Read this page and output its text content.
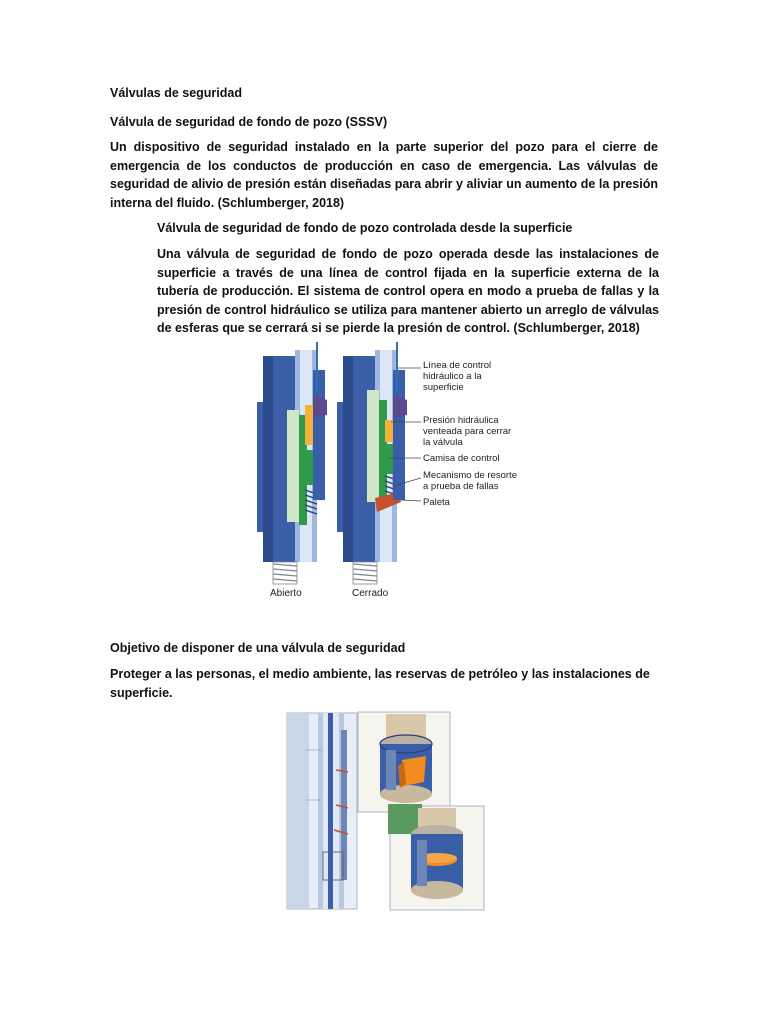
Válvulas de seguridad
Válvula de seguridad de fondo de pozo (SSSV)

Un dispositivo de seguridad instalado en la parte superior del pozo para el cierre de emergencia de los conductos de producción en caso de emergencia. Las válvulas de seguridad de alivio de presión están diseñadas para abrir y aliviar un aumento de la presión interna del fluido. (Schlumberger, 2018)

Válvula de seguridad de fondo de pozo controlada desde la superficie

Una válvula de seguridad de fondo de pozo operada desde las instalaciones de superficie a través de una línea de control fijada en la superficie externa de la tubería de producción. El sistema de control opera en modo a prueba de fallas y la presión de control hidráulico se utiliza para mantener abierto un arreglo de válvulas de esferas que se cerrará si se pierde la presión de control. (Schlumberger, 2018)

Abierto	Cerrado
Línea de control hidráulico a la superficie
Presión hidráulica venteada para cerrar la válvula
Camisa de control
Mecanismo de resorte a prueba de fallas
Paleta
Objetivo de disponer de una válvula de seguridad

Proteger a las personas, el medio ambiente, las reservas de petróleo y las instalaciones de superficie.
